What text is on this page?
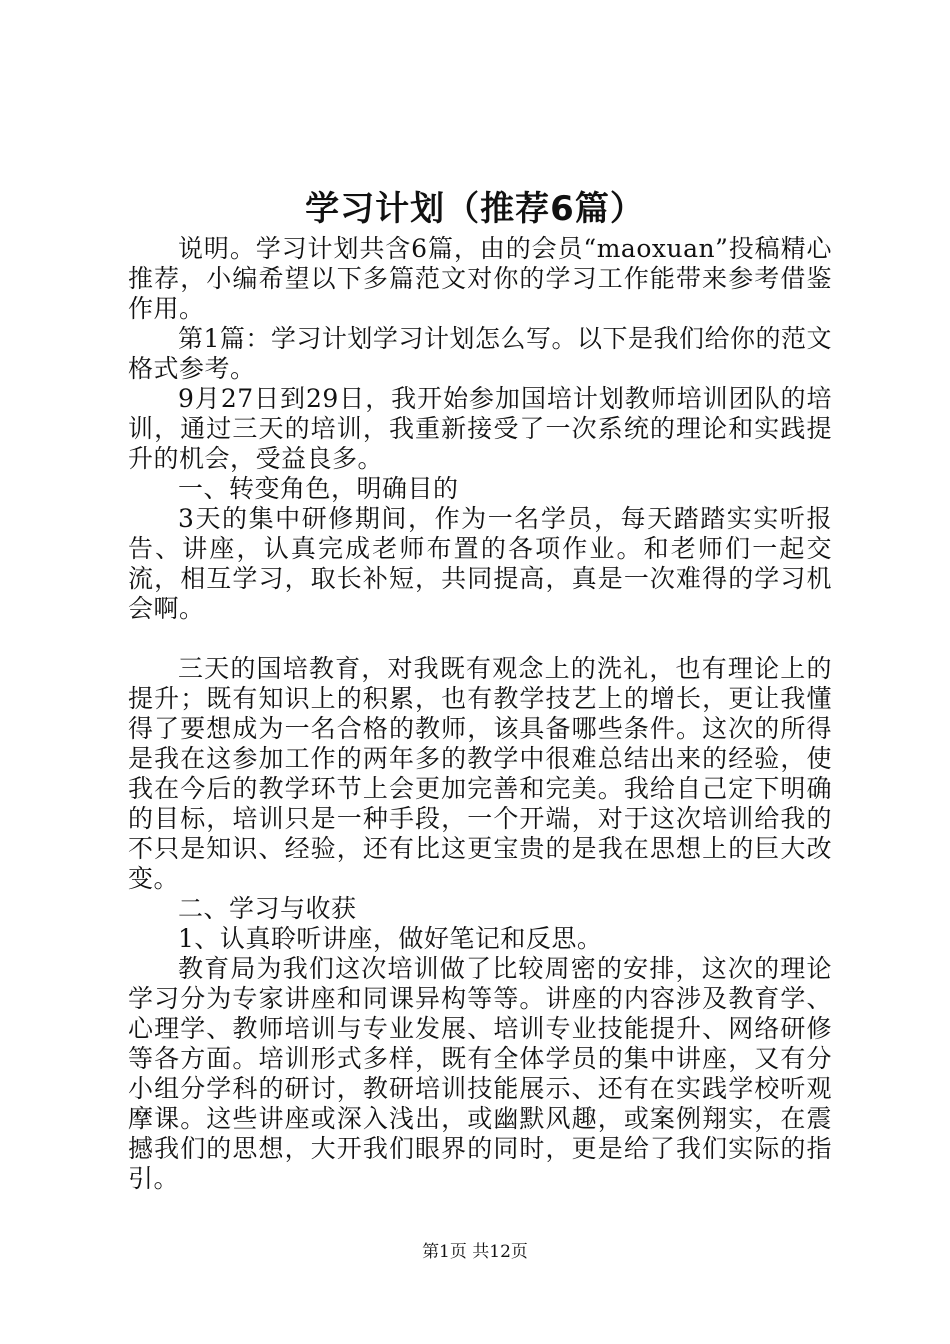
学习计划（推荐6篇）

说明。学习计划共含6篇，由的会员“maoxuan”投稿精心推荐，小编希望以下多篇范文对你的学习工作能带来参考借鉴作用。

第1篇：学习计划学习计划怎么写。以下是我们给你的范文格式参考。

9月27日到29日，我开始参加国培计划教师培训团队的培训，通过三天的培训，我重新接受了一次系统的理论和实践提升的机会，受益良多。

一、转变角色，明确目的

3天的集中研修期间，作为一名学员，每天踏踏实实听报告、讲座，认真完成老师布置的各项作业。和老师们一起交流，相互学习，取长补短，共同提高，真是一次难得的学习机会啊。

三天的国培教育，对我既有观念上的洗礼，也有理论上的提升；既有知识上的积累，也有教学技艺上的增长，更让我懂得了要想成为一名合格的教师，该具备哪些条件。这次的所得是我在这参加工作的两年多的教学中很难总结出来的经验，使我在今后的教学环节上会更加完善和完美。我给自己定下明确的目标，培训只是一种手段，一个开端，对于这次培训给我的不只是知识、经验，还有比这更宝贵的是我在思想上的巨大改变。

二、学习与收获

1、认真聆听讲座，做好笔记和反思。

教育局为我们这次培训做了比较周密的安排，这次的理论学习分为专家讲座和同课异构等等。讲座的内容涉及教育学、心理学、教师培训与专业发展、培训专业技能提升、网络研修等各方面。培训形式多样，既有全体学员的集中讲座，又有分小组分学科的研讨，教研培训技能展示、还有在实践学校听观摩课。这些讲座或深入浅出，或幽默风趣，或案例翔实，在震撼我们的思想，大开我们眼界的同时，更是给了我们实际的指引。

第1页 共12页
